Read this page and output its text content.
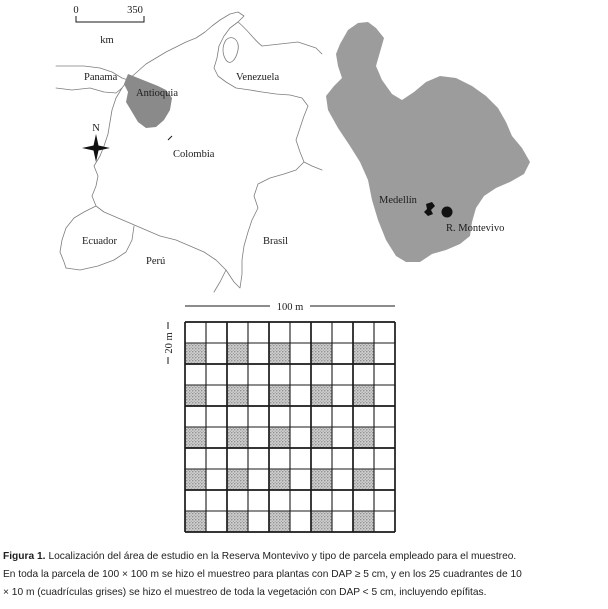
0	350
km
N
Panama
Antioquia
Venezuela
Colombia
Ecuador
Perú
Brasil
Medellín
R. Montevivo
100 m
20 m
Figura 1. Localización del área de estudio en la Reserva Montevivo y tipo de parcela empleado para el muestreo.
En toda la parcela de 100 × 100 m se hizo el muestreo para plantas con DAP ≥ 5 cm, y en los 25 cuadrantes de 10
× 10 m (cuadrículas grises) se hizo el muestreo de toda la vegetación con DAP < 5 cm, incluyendo epífitas.
